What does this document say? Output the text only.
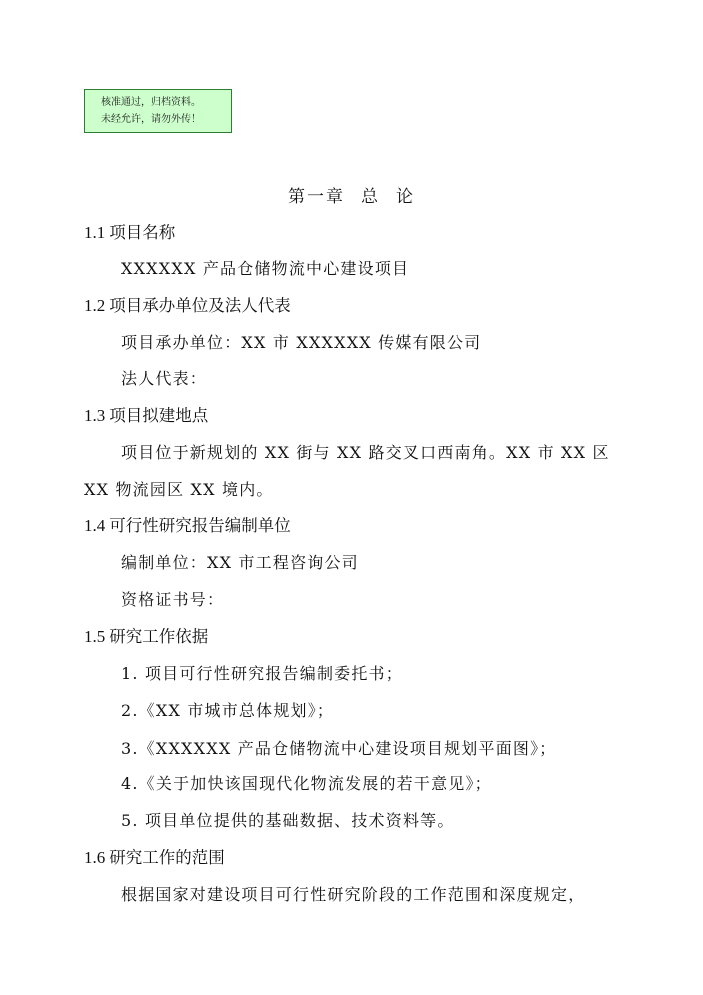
核准通过，归档资料。
未经允许，请勿外传！
第一章 总 论
1.1 项目名称
XXXXXX 产品仓储物流中心建设项目
1.2 项目承办单位及法人代表
项目承办单位：XX 市 XXXXXX 传媒有限公司
法人代表：
1.3 项目拟建地点
项目位于新规划的 XX 街与 XX 路交叉口西南角。XX 市 XX 区
XX 物流园区 XX 境内。
1.4 可行性研究报告编制单位
编制单位：XX 市工程咨询公司
资格证书号：
1.5 研究工作依据
1. 项目可行性研究报告编制委托书；
2.《XX 市城市总体规划》；
3.《XXXXXX 产品仓储物流中心建设项目规划平面图》；
4.《关于加快该国现代化物流发展的若干意见》；
5. 项目单位提供的基础数据、技术资料等。
1.6 研究工作的范围
根据国家对建设项目可行性研究阶段的工作范围和深度规定，
